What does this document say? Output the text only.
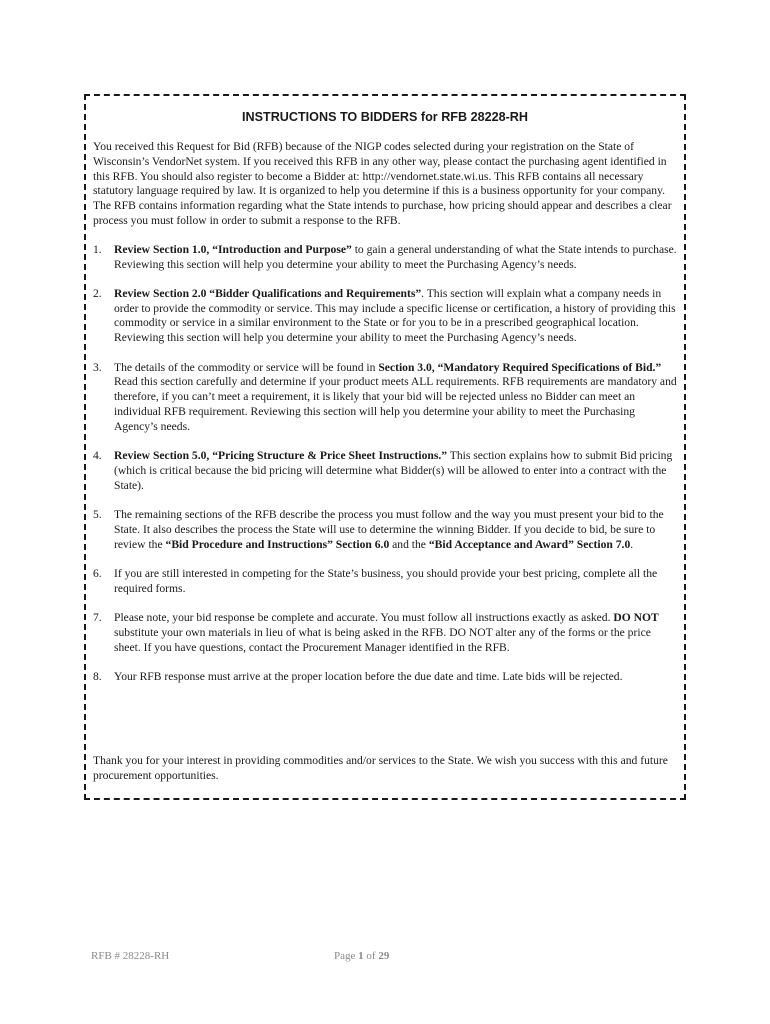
INSTRUCTIONS TO BIDDERS for RFB 28228-RH

You received this Request for Bid (RFB) because of the NIGP codes selected during your registration on the State of Wisconsin’s VendorNet system. If you received this RFB in any other way, please contact the purchasing agent identified in this RFB. You should also register to become a Bidder at: http://vendornet.state.wi.us. This RFB contains all necessary statutory language required by law. It is organized to help you determine if this is a business opportunity for your company. The RFB contains information regarding what the State intends to purchase, how pricing should appear and describes a clear process you must follow in order to submit a response to the RFB.

1. Review Section 1.0, “Introduction and Purpose” to gain a general understanding of what the State intends to purchase. Reviewing this section will help you determine your ability to meet the Purchasing Agency’s needs.
2. Review Section 2.0 “Bidder Qualifications and Requirements”. This section will explain what a company needs in order to provide the commodity or service. This may include a specific license or certification, a history of providing this commodity or service in a similar environment to the State or for you to be in a prescribed geographical location. Reviewing this section will help you determine your ability to meet the Purchasing Agency’s needs.
3. The details of the commodity or service will be found in Section 3.0, “Mandatory Required Specifications of Bid.” Read this section carefully and determine if your product meets ALL requirements. RFB requirements are mandatory and therefore, if you can’t meet a requirement, it is likely that your bid will be rejected unless no Bidder can meet an individual RFB requirement. Reviewing this section will help you determine your ability to meet the Purchasing Agency’s needs.
4. Review Section 5.0, “Pricing Structure & Price Sheet Instructions.” This section explains how to submit Bid pricing (which is critical because the bid pricing will determine what Bidder(s) will be allowed to enter into a contract with the State).
5. The remaining sections of the RFB describe the process you must follow and the way you must present your bid to the State. It also describes the process the State will use to determine the winning Bidder. If you decide to bid, be sure to review the “Bid Procedure and Instructions” Section 6.0 and the “Bid Acceptance and Award” Section 7.0.
6. If you are still interested in competing for the State’s business, you should provide your best pricing, complete all the required forms.
7. Please note, your bid response be complete and accurate. You must follow all instructions exactly as asked. DO NOT substitute your own materials in lieu of what is being asked in the RFB. DO NOT alter any of the forms or the price sheet. If you have questions, contact the Procurement Manager identified in the RFB.
8. Your RFB response must arrive at the proper location before the due date and time. Late bids will be rejected.

Thank you for your interest in providing commodities and/or services to the State. We wish you success with this and future procurement opportunities.

RFB # 28228-RH	Page 1 of 29
